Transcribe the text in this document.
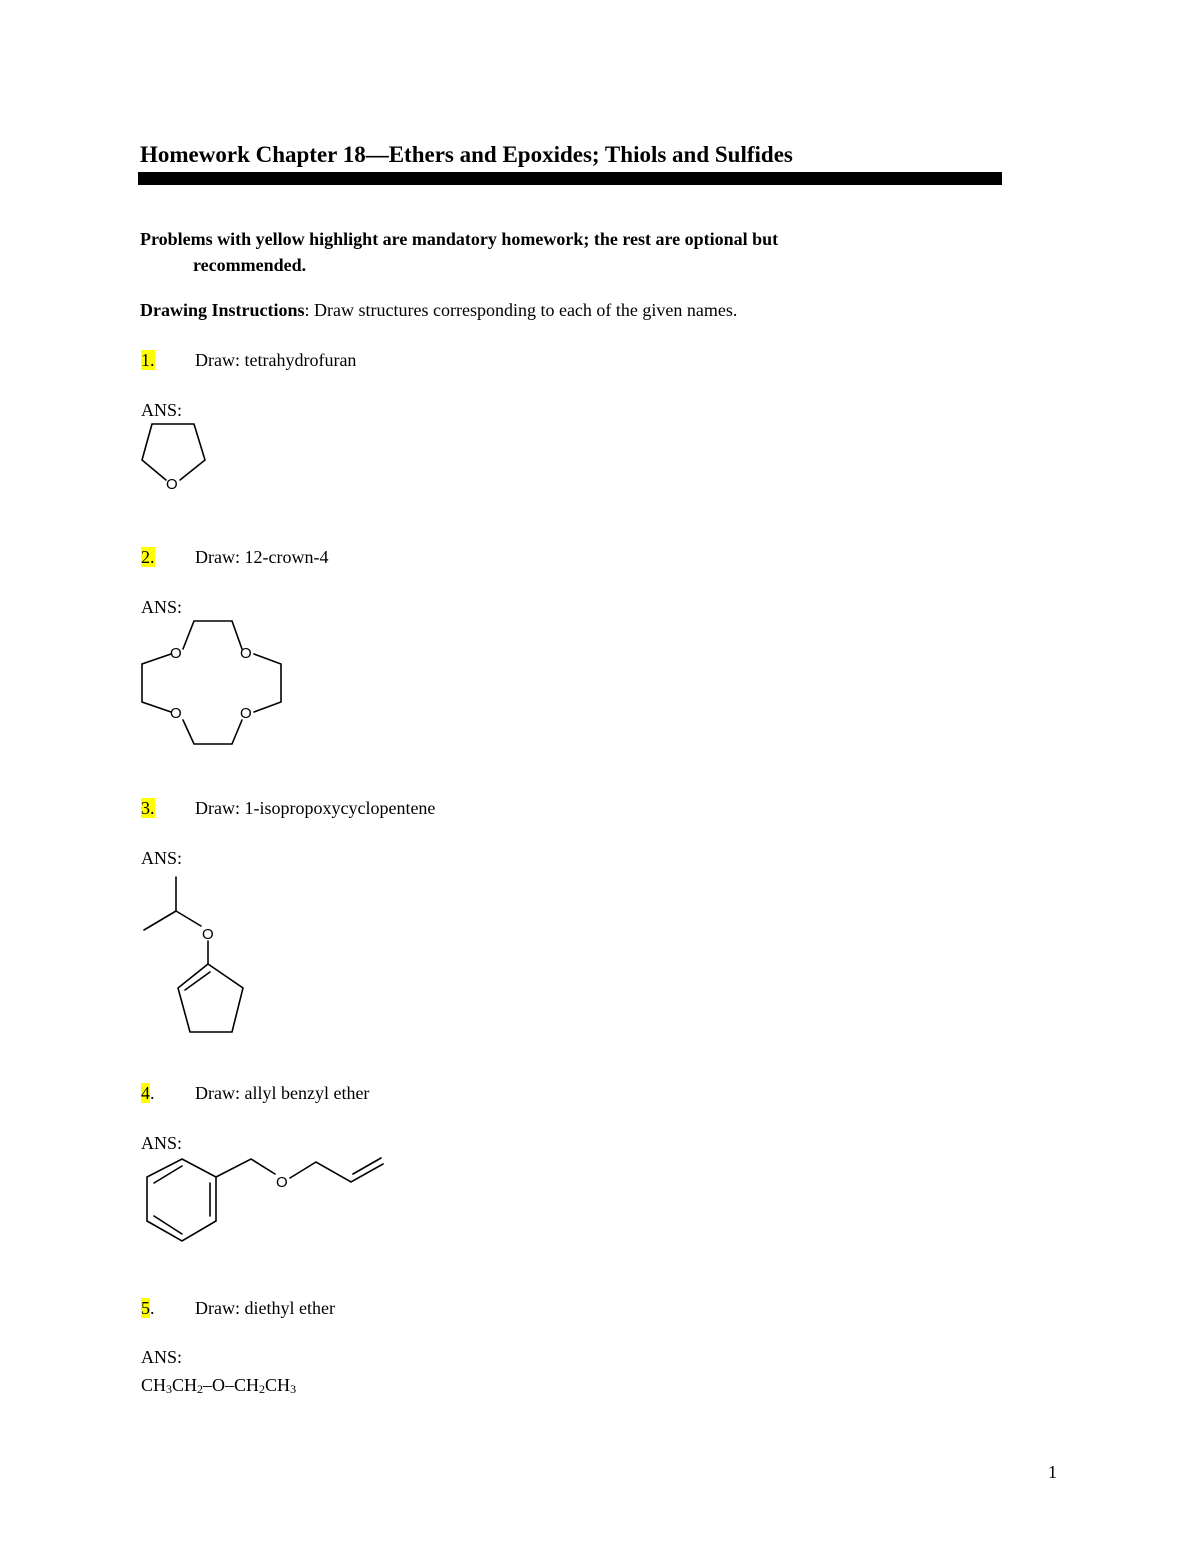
Homework Chapter 18—Ethers and Epoxides; Thiols and Sulfides
Problems with yellow highlight are mandatory homework; the rest are optional but
recommended.
Drawing Instructions: Draw structures corresponding to each of the given names.
1. Draw: tetrahydrofuran
ANS:
O
2. Draw: 12-crown-4
ANS:
O	O
O	O
3. Draw: 1-isopropoxycyclopentene
ANS:
O
4. Draw: allyl benzyl ether
ANS:
O
5. Draw: diethyl ether
ANS:
$CH_3CH_2-O-CH_2CH_3$
1
